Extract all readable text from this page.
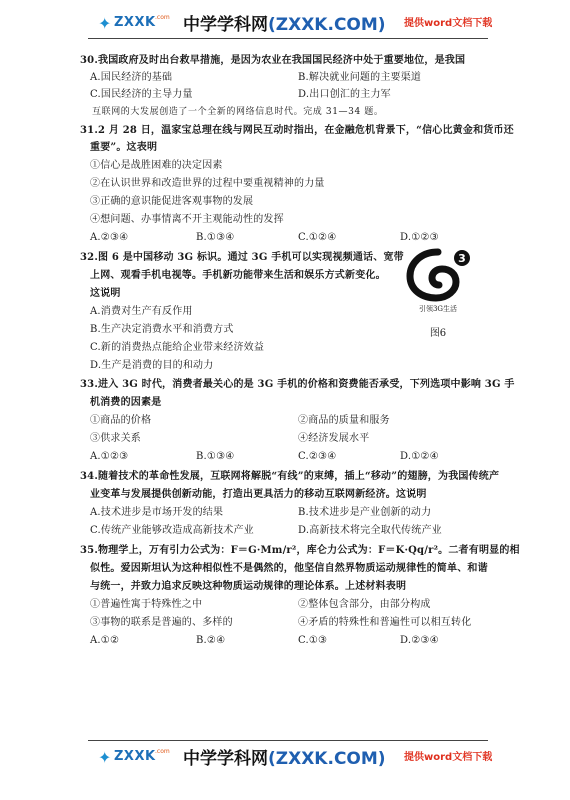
✦ ZXXK .com 中学学科网(ZXXK.COM) 提供word文档下载
30.我国政府及时出台救早措施，是因为农业在我国国民经济中处于重要地位，是我国
A.国民经济的基础	B.解决就业问题的主要渠道
C.国民经济的主导力量	D.出口创汇的主力军
互联网的大发展创造了一个全新的网络信息时代。完成 31—34 题。
31.2 月 28 日，温家宝总理在线与网民互动时指出，在金融危机背景下，“信心比黄金和货币还
重要”。这表明
①信心是战胜困难的决定因素
②在认识世界和改造世界的过程中要重视精神的力量
③正确的意识能促进客观事物的发展
④想问题、办事情离不开主观能动性的发挥
A.②③④	B.①③④	C.①②④	D.①②③
32.图 6 是中国移动 3G 标识。通过 3G 手机可以实现视频通话、宽带
上网、观看手机电视等。手机新功能带来生活和娱乐方式新变化。
这说明
A.消费对生产有反作用
B.生产决定消费水平和消费方式
C.新的消费热点能给企业带来经济效益
D.生产是消费的目的和动力
33.进入 3G 时代，消费者最关心的是 3G 手机的价格和资费能否承受，下列选项中影响 3G 手
机消费的因素是
①商品的价格	②商品的质量和服务
③供求关系	④经济发展水平
A.①②③	B.①③④	C.②③④	D.①②④
34.随着技术的革命性发展，互联网将解脱“有线”的束缚，插上“移动”的翅膀，为我国传统产
业变革与发展提供创新动能，打造出更具活力的移动互联网新经济。这说明
A.技术进步是市场开发的结果	B.技术进步是产业创新的动力
C.传统产业能够改造成高新技术产业	D.高新技术将完全取代传统产业
35.物理学上，万有引力公式为：F＝G·Mm/r²，库仑力公式为：F＝K·Qq/r²。二者有明显的相
似性。爱因斯坦认为这种相似性不是偶然的，他坚信自然界物质运动规律性的简单、和谐
与统一，并致力追求反映这种物质运动规律的理论体系。上述材料表明
①普遍性寓于特殊性之中	②整体包含部分，由部分构成
③事物的联系是普遍的、多样的	④矛盾的特殊性和普遍性可以相互转化
A.①②	B.②④	C.①③	D.②③④
3
引领3G生活
图6
✦ ZXXK .com 中学学科网(ZXXK.COM) 提供word文档下载
